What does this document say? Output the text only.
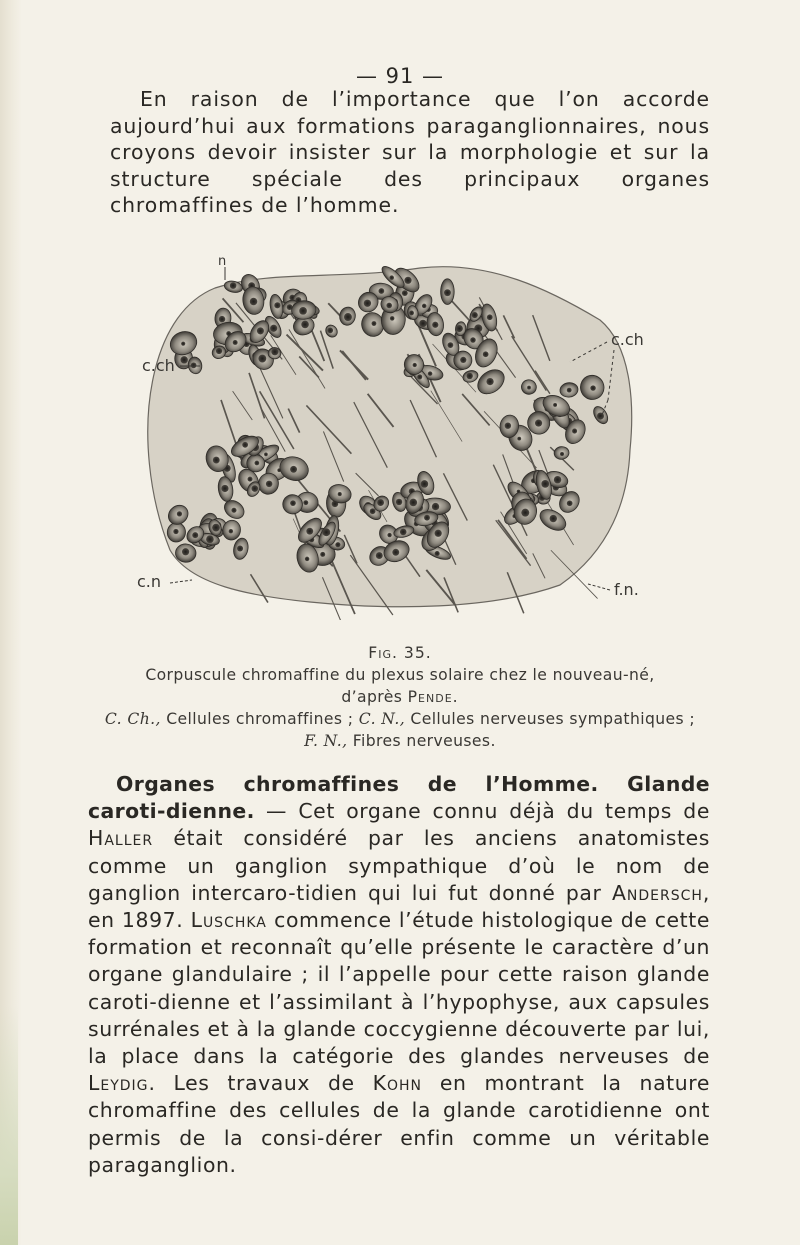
— 91 —

En raison de l’importance que l’on accorde aujourd’hui aux formations paraganglionnaires, nous croyons devoir insister sur la morphologie et sur la structure spéciale des principaux organes chromaffines de l’homme.

n
c.ch
c.ch
c.n	f.n.
Fig. 35.
Corpuscule chromaffine du plexus solaire chez le nouveau-né,
d’après Pende.
C. Ch., Cellules chromaffines ; C. N., Cellules nerveuses sympathiques ;
F. N., Fibres nerveuses.

Organes chromaffines de l’Homme. Glande caroti-dienne. — Cet organe connu déjà du temps de Haller était considéré par les anciens anatomistes comme un ganglion sympathique d’où le nom de ganglion intercaro-tidien qui lui fut donné par Andersch, en 1897. Luschka commence l’étude histologique de cette formation et reconnaît qu’elle présente le caractère d’un organe glandulaire ; il l’appelle pour cette raison glande caroti-dienne et l’assimilant à l’hypophyse, aux capsules surrénales et à la glande coccygienne découverte par lui, la place dans la catégorie des glandes nerveuses de Leydig. Les travaux de Kohn en montrant la nature chromaffine des cellules de la glande carotidienne ont permis de la consi-dérer enfin comme un véritable paraganglion.
